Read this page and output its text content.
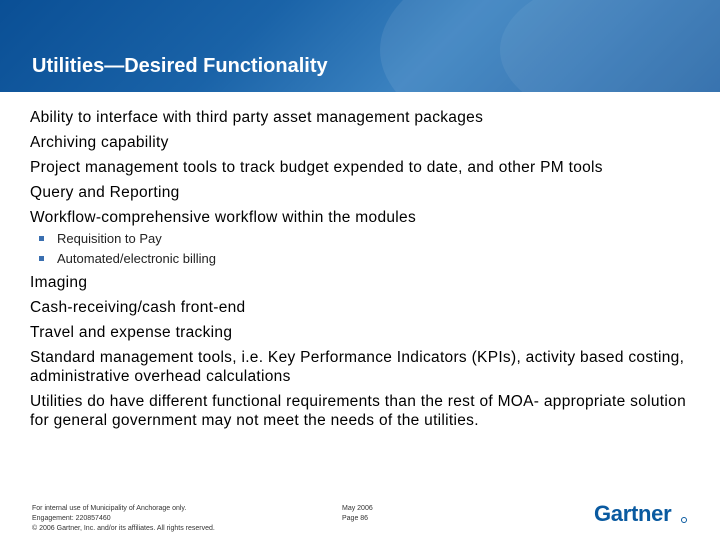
Utilities—Desired Functionality
Ability to interface with third party asset management packages
Archiving capability
Project management tools to track budget expended to date, and other PM tools
Query and Reporting
Workflow-comprehensive workflow within the modules
Requisition to Pay
Automated/electronic billing
Imaging
Cash-receiving/cash front-end
Travel and expense tracking
Standard management tools, i.e. Key Performance Indicators (KPIs), activity based costing, administrative overhead calculations
Utilities do have different functional requirements than the rest of MOA- appropriate solution for general government may not meet the needs of the utilities.
For internal use of Municipality of Anchorage only.
Engagement: 220857460
© 2006 Gartner, Inc. and/or its affiliates. All rights reserved.
May 2006
Page 86	Gartner
